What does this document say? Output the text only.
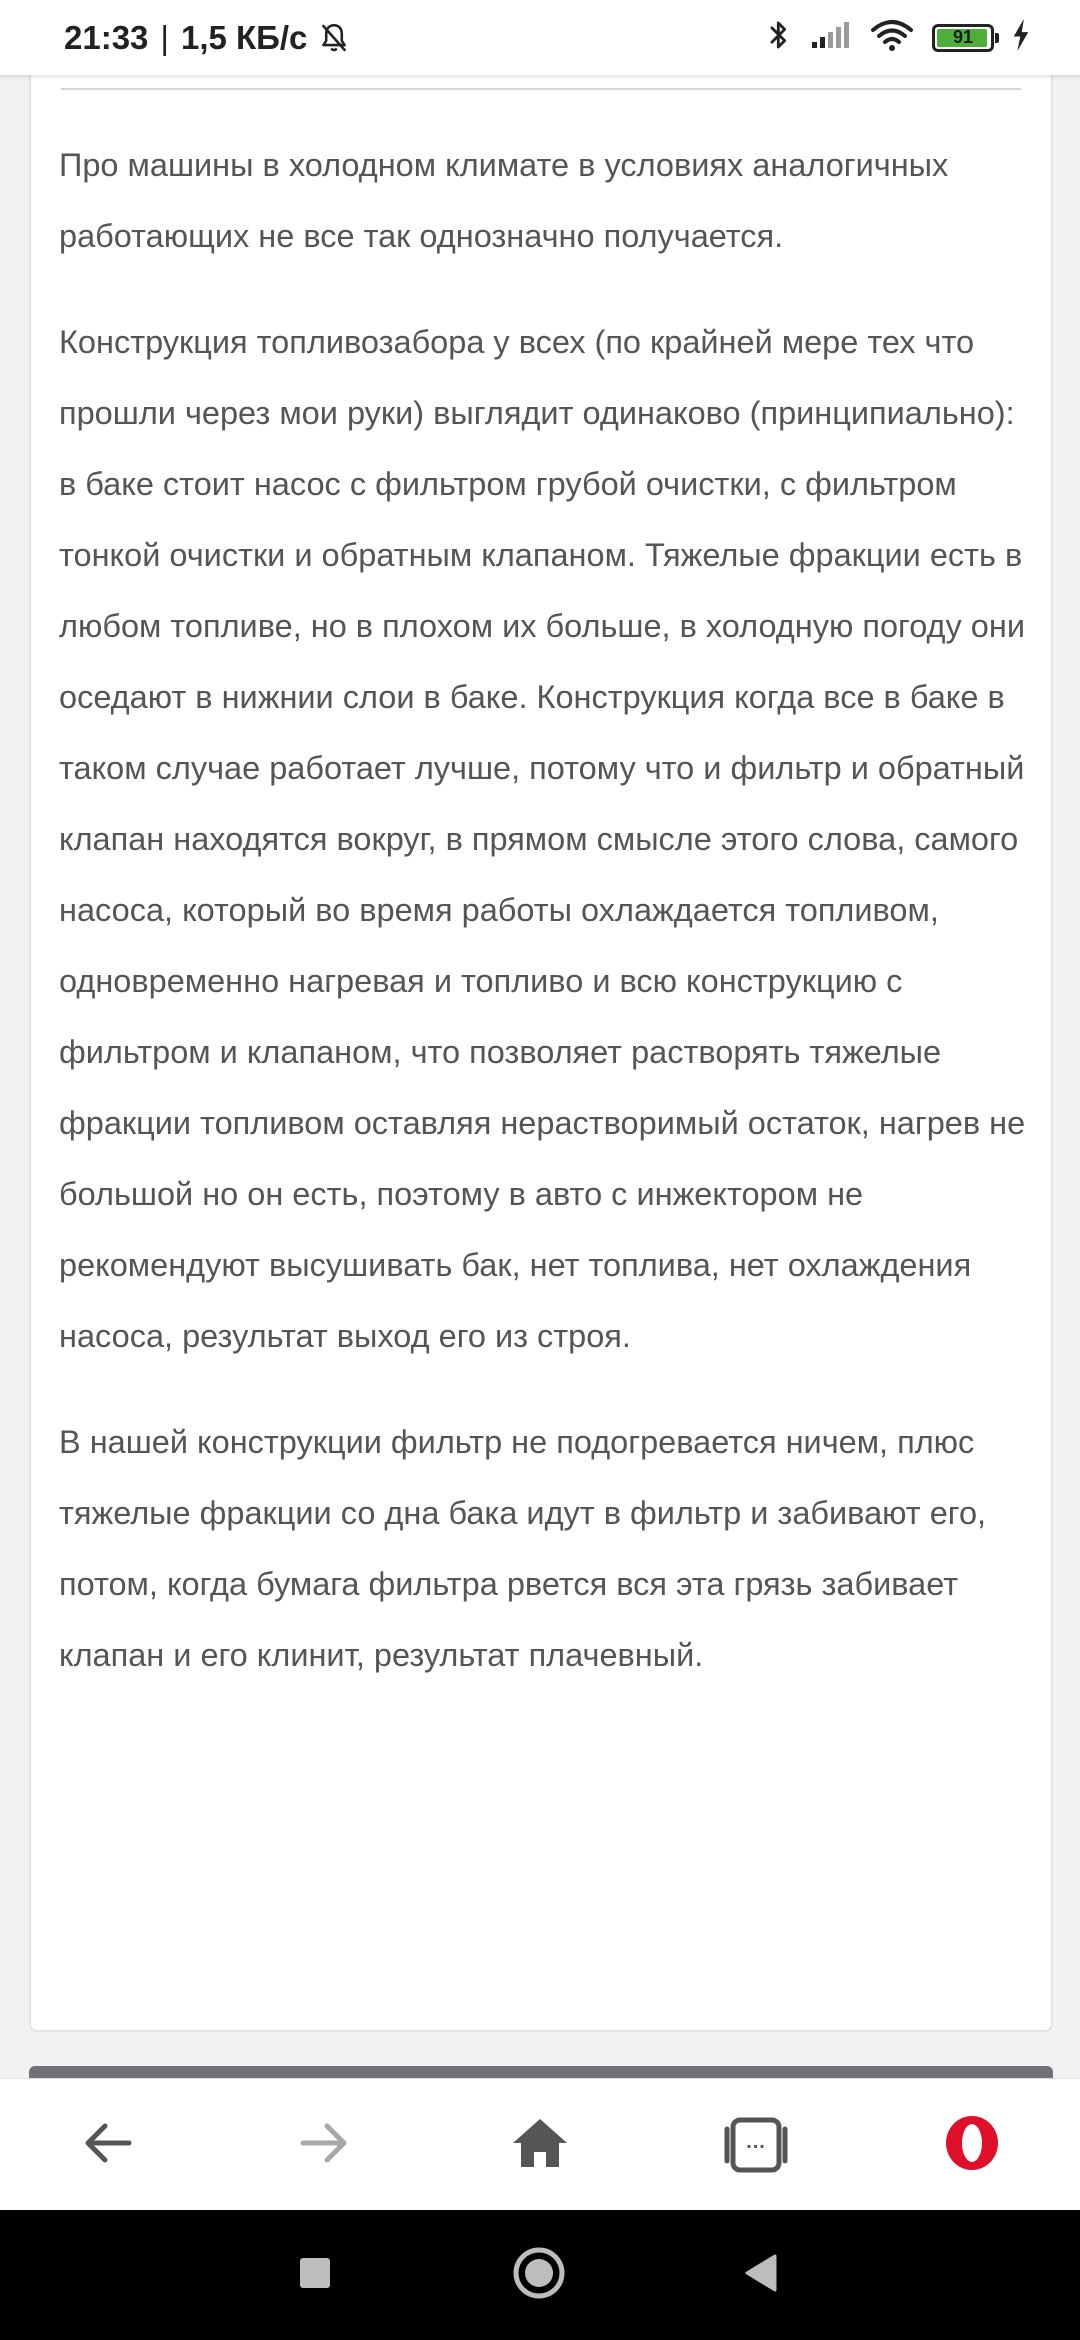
21:33 | 1,5 КБ/с	91

Про машины в холодном климате в условиях аналогичных работающих не все так однозначно получается.

Конструкция топливозабора у всех (по крайней мере тех что прошли через мои руки) выглядит одинаково (принципиально): в баке стоит насос с фильтром грубой очистки, с фильтром тонкой очистки и обратным клапаном. Тяжелые фракции есть в любом топливе, но в плохом их больше, в холодную погоду они оседают в нижнии слои в баке. Конструкция когда все в баке в таком случае работает лучше, потому что и фильтр и обратный клапан находятся вокруг, в прямом смысле этого слова, самого насоса, который во время работы охлаждается топливом, одновременно нагревая и топливо и всю конструкцию с фильтром и клапаном, что позволяет растворять тяжелые фракции топливом оставляя нерастворимый остаток, нагрев не большой но он есть, поэтому в авто с инжектором не рекомендуют высушивать бак, нет топлива, нет охлаждения насоса, результат выход его из строя.

В нашей конструкции фильтр не подогревается ничем, плюс тяжелые фракции со дна бака идут в фильтр и забивают его, потом, когда бумага фильтра рвется вся эта грязь забивает клапан и его клинит, результат плачевный.

...
